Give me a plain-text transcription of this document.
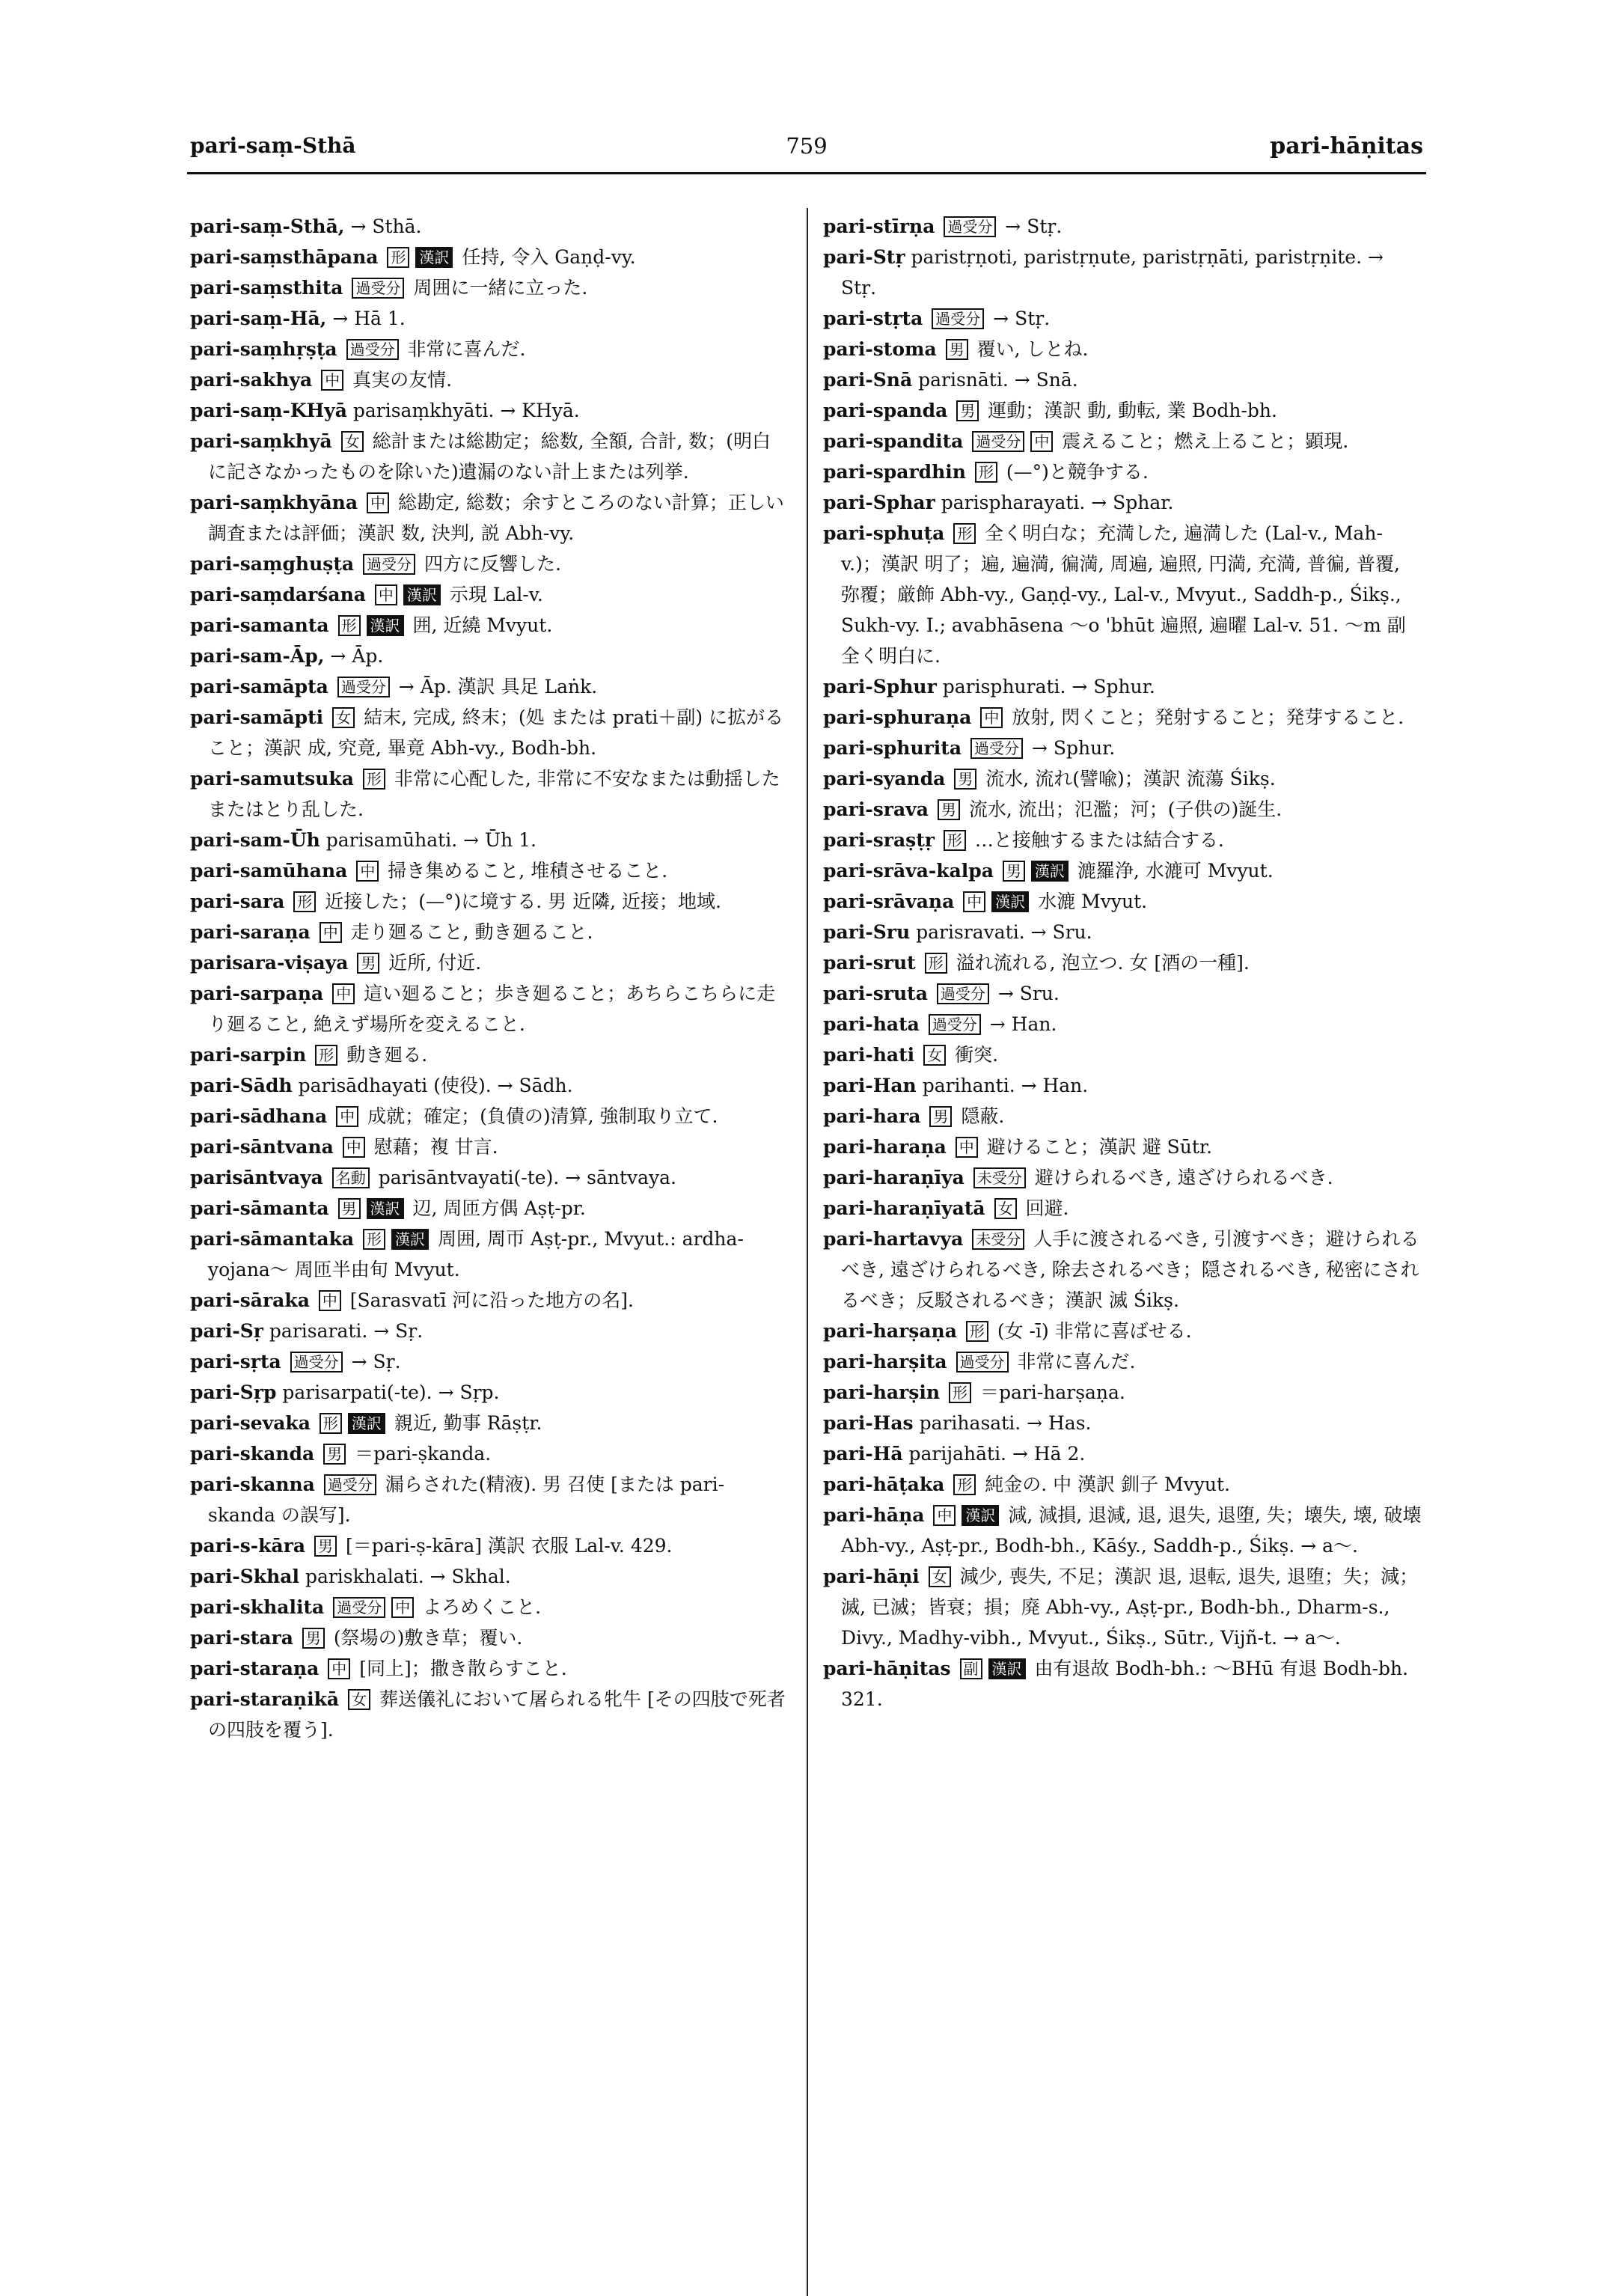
pari-saṃ-Sthā	759	pari-hāṇitas

pari-saṃ-Sthā, → Sthā.

pari-saṃsthāpana 形 漢訳 任持, 令入 Gaṇḍ-vy.

pari-saṃsthita 過受分 周囲に一緒に立った.

pari-saṃ-Hā, → Hā 1.

pari-saṃhṛṣṭa 過受分 非常に喜んだ.

pari-sakhya 中 真実の友情.

pari-saṃ-KHyā parisaṃkhyāti. → KHyā.

pari-saṃkhyā 女 総計または総勘定；総数, 全額, 合計, 数；(明白に記さなかったものを除いた)遺漏のない計上または列挙.

pari-saṃkhyāna 中 総勘定, 総数；余すところのない計算；正しい調査または評価；漢訳 数, 決判, 説 Abh-vy.

pari-saṃghuṣṭa 過受分 四方に反響した.

pari-saṃdarśana 中 漢訳 示現 Lal-v.

pari-samanta 形 漢訳 囲, 近繞 Mvyut.

pari-sam-Āp, → Āp.

pari-samāpta 過受分 → Āp. 漢訳 具足 Laṅk.

pari-samāpti 女 結末, 完成, 終末；(処 または prati＋副) に拡がること；漢訳 成, 究竟, 畢竟 Abh-vy., Bodh-bh.

pari-samutsuka 形 非常に心配した, 非常に不安なまたは動揺したまたはとり乱した.

pari-sam-Ūh parisamūhati. → Ūh 1.

pari-samūhana 中 掃き集めること, 堆積させること.

pari-sara 形 近接した；(—°)に境する. 男 近隣, 近接；地域.

pari-saraṇa 中 走り廻ること, 動き廻ること.

parisara-viṣaya 男 近所, 付近.

pari-sarpaṇa 中 這い廻ること；歩き廻ること；あちらこちらに走り廻ること, 絶えず場所を変えること.

pari-sarpin 形 動き廻る.

pari-Sādh parisādhayati (使役). → Sādh.

pari-sādhana 中 成就；確定；(負債の)清算, 強制取り立て.

pari-sāntvana 中 慰藉；複 甘言.

parisāntvaya 名動 parisāntvayati(-te). → sāntvaya.

pari-sāmanta 男 漢訳 辺, 周匝方偶 Aṣṭ-pr.

pari-sāmantaka 形 漢訳 周囲, 周帀 Aṣṭ-pr., Mvyut.: ardha-yojana～ 周匝半由旬 Mvyut.

pari-sāraka 中 [Sarasvatī 河に沿った地方の名].

pari-Sṛ parisarati. → Sṛ.

pari-sṛta 過受分 → Sṛ.

pari-Sṛp parisarpati(-te). → Sṛp.

pari-sevaka 形 漢訳 親近, 勤事 Rāṣṭr.

pari-skanda 男 ＝pari-ṣkanda.

pari-skanna 過受分 漏らされた(精液). 男 召使 [または pari-skanda の誤写].

pari-s-kāra 男 [＝pari-ṣ-kāra] 漢訳 衣服 Lal-v. 429.

pari-Skhal pariskhalati. → Skhal.

pari-skhalita 過受分 中 よろめくこと.

pari-stara 男 (祭場の)敷き草；覆い.

pari-staraṇa 中 [同上]；撒き散らすこと.

pari-staraṇikā 女 葬送儀礼において屠られる牝牛 [その四肢で死者の四肢を覆う].

pari-stīrṇa 過受分 → Stṛ.

pari-Stṛ paristṛṇoti, paristṛṇute, paristṛṇāti, paristṛṇite. → Stṛ.

pari-stṛta 過受分 → Stṛ.

pari-stoma 男 覆い, しとね.

pari-Snā parisnāti. → Snā.

pari-spanda 男 運動；漢訳 動, 動転, 業 Bodh-bh.

pari-spandita 過受分 中 震えること；燃え上ること；顕現.

pari-spardhin 形 (—°)と競争する.

pari-Sphar parispharayati. → Sphar.

pari-sphuṭa 形 全く明白な；充満した, 遍満した (Lal-v., Mah-v.)；漢訳 明了；遍, 遍満, 徧満, 周遍, 遍照, 円満, 充満, 普徧, 普覆, 弥覆；厳飾 Abh-vy., Gaṇḍ-vy., Lal-v., Mvyut., Saddh-p., Śikṣ., Sukh-vy. I.; avabhāsena ～o 'bhūt 遍照, 遍曜 Lal-v. 51. ～m 副 全く明白に.

pari-Sphur parisphurati. → Sphur.

pari-sphuraṇa 中 放射, 閃くこと；発射すること；発芽すること.

pari-sphurita 過受分 → Sphur.

pari-syanda 男 流水, 流れ(譬喩)；漢訳 流蕩 Śikṣ.

pari-srava 男 流水, 流出；氾濫；河；(子供の)誕生.

pari-sraṣṭṛ 形 …と接触するまたは結合する.

pari-srāva-kalpa 男 漢訳 漉羅浄, 水漉可 Mvyut.

pari-srāvaṇa 中 漢訳 水漉 Mvyut.

pari-Sru parisravati. → Sru.

pari-srut 形 溢れ流れる, 泡立つ. 女 [酒の一種].

pari-sruta 過受分 → Sru.

pari-hata 過受分 → Han.

pari-hati 女 衝突.

pari-Han parihanti. → Han.

pari-hara 男 隠蔽.

pari-haraṇa 中 避けること；漢訳 避 Sūtr.

pari-haraṇīya 未受分 避けられるべき, 遠ざけられるべき.

pari-haraṇīyatā 女 回避.

pari-hartavya 未受分 人手に渡されるべき, 引渡すべき；避けられるべき, 遠ざけられるべき, 除去されるべき；隠されるべき, 秘密にされるべき；反駁されるべき；漢訳 滅 Śikṣ.

pari-harṣaṇa 形 (女 -ī) 非常に喜ばせる.

pari-harṣita 過受分 非常に喜んだ.

pari-harṣin 形 ＝pari-harṣaṇa.

pari-Has parihasati. → Has.

pari-Hā parijahāti. → Hā 2.

pari-hāṭaka 形 純金の. 中 漢訳 釧子 Mvyut.

pari-hāṇa 中 漢訳 減, 減損, 退減, 退, 退失, 退堕, 失；壊失, 壊, 破壊 Abh-vy., Aṣṭ-pr., Bodh-bh., Kāśy., Saddh-p., Śikṣ. → a～.

pari-hāṇi 女 減少, 喪失, 不足；漢訳 退, 退転, 退失, 退堕；失；減；滅, 已滅；皆衰；損；廃 Abh-vy., Aṣṭ-pr., Bodh-bh., Dharm-s., Divy., Madhy-vibh., Mvyut., Śikṣ., Sūtr., Vijñ-t. → a～.

pari-hāṇitas 副 漢訳 由有退故 Bodh-bh.: ～BHū 有退 Bodh-bh. 321.
